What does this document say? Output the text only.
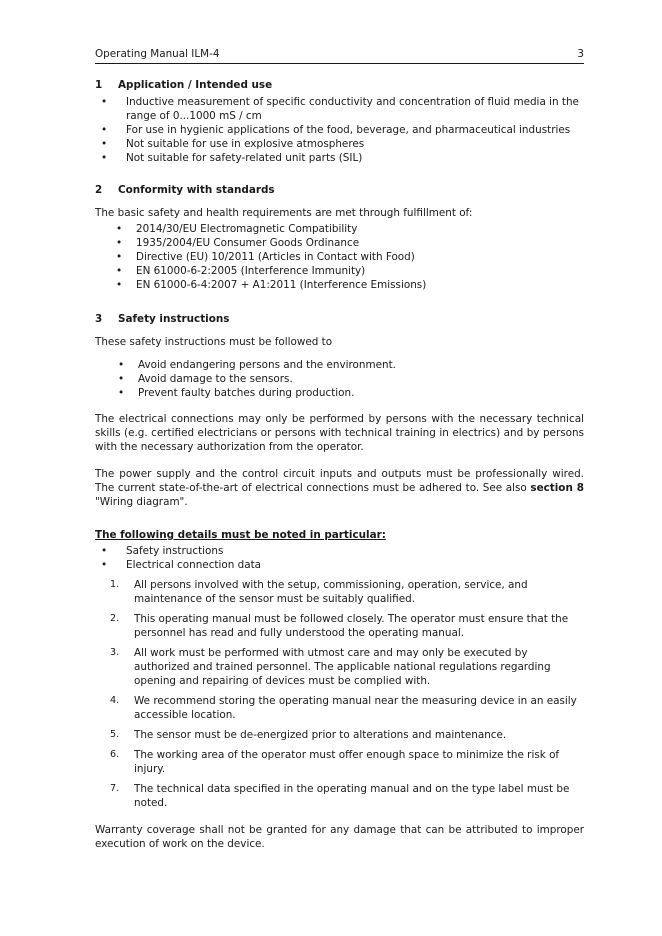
Operating Manual ILM-4	3
1 Application / Intended use
• Inductive measurement of specific conductivity and concentration of fluid media in the range of 0...1000 mS / cm
• For use in hygienic applications of the food, beverage, and pharmaceutical industries
• Not suitable for use in explosive atmospheres
• Not suitable for safety-related unit parts (SIL)
2 Conformity with standards

The basic safety and health requirements are met through fulfillment of:

• 2014/30/EU Electromagnetic Compatibility
• 1935/2004/EU Consumer Goods Ordinance
• Directive (EU) 10/2011 (Articles in Contact with Food)
• EN 61000-6-2:2005 (Interference Immunity)
• EN 61000-6-4:2007 + A1:2011 (Interference Emissions)
3 Safety instructions

These safety instructions must be followed to

• Avoid endangering persons and the environment.
• Avoid damage to the sensors.
• Prevent faulty batches during production.

The electrical connections may only be performed by persons with the necessary technical skills (e.g. certified electricians or persons with technical training in electrics) and by persons with the necessary authorization from the operator.

The power supply and the control circuit inputs and outputs must be professionally wired. The current state-of-the-art of electrical connections must be adhered to. See also section 8 "Wiring diagram".

The following details must be noted in particular:

• Safety instructions
• Electrical connection data
1. All persons involved with the setup, commissioning, operation, service, and maintenance of the sensor must be suitably qualified.
2. This operating manual must be followed closely. The operator must ensure that the personnel has read and fully understood the operating manual.
3. All work must be performed with utmost care and may only be executed by authorized and trained personnel. The applicable national regulations regarding opening and repairing of devices must be complied with.
4. We recommend storing the operating manual near the measuring device in an easily accessible location.
5. The sensor must be de-energized prior to alterations and maintenance.
6. The working area of the operator must offer enough space to minimize the risk of injury.
7. The technical data specified in the operating manual and on the type label must be noted.

Warranty coverage shall not be granted for any damage that can be attributed to improper execution of work on the device.
